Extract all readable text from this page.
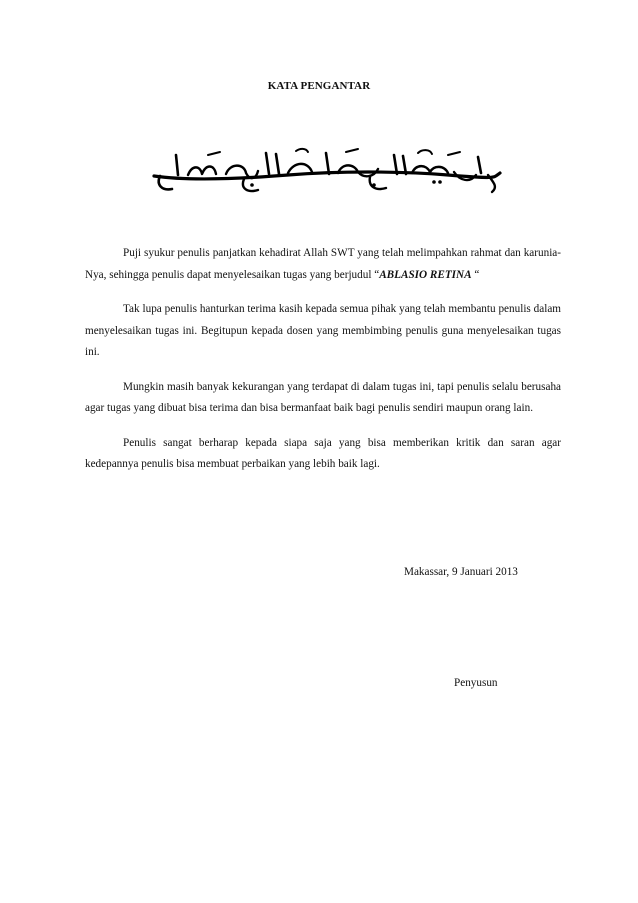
KATA PENGANTAR

Puji syukur penulis panjatkan kehadirat Allah SWT yang telah melimpahkan rahmat dan karunia-Nya, sehingga penulis dapat menyelesaikan tugas yang berjudul “ABLASIO RETINA “

Tak lupa penulis hanturkan terima kasih kepada semua pihak yang telah membantu penulis dalam menyelesaikan tugas ini. Begitupun kepada dosen yang membimbing penulis guna menyelesaikan tugas ini.

Mungkin masih banyak kekurangan yang terdapat di dalam tugas ini, tapi penulis selalu berusaha agar tugas yang dibuat bisa terima dan bisa bermanfaat baik bagi penulis sendiri maupun orang lain.

Penulis sangat berharap kepada siapa saja yang bisa memberikan kritik dan saran agar kedepannya penulis bisa membuat perbaikan yang lebih baik lagi.

Makassar, 9 Januari 2013
Penyusun
